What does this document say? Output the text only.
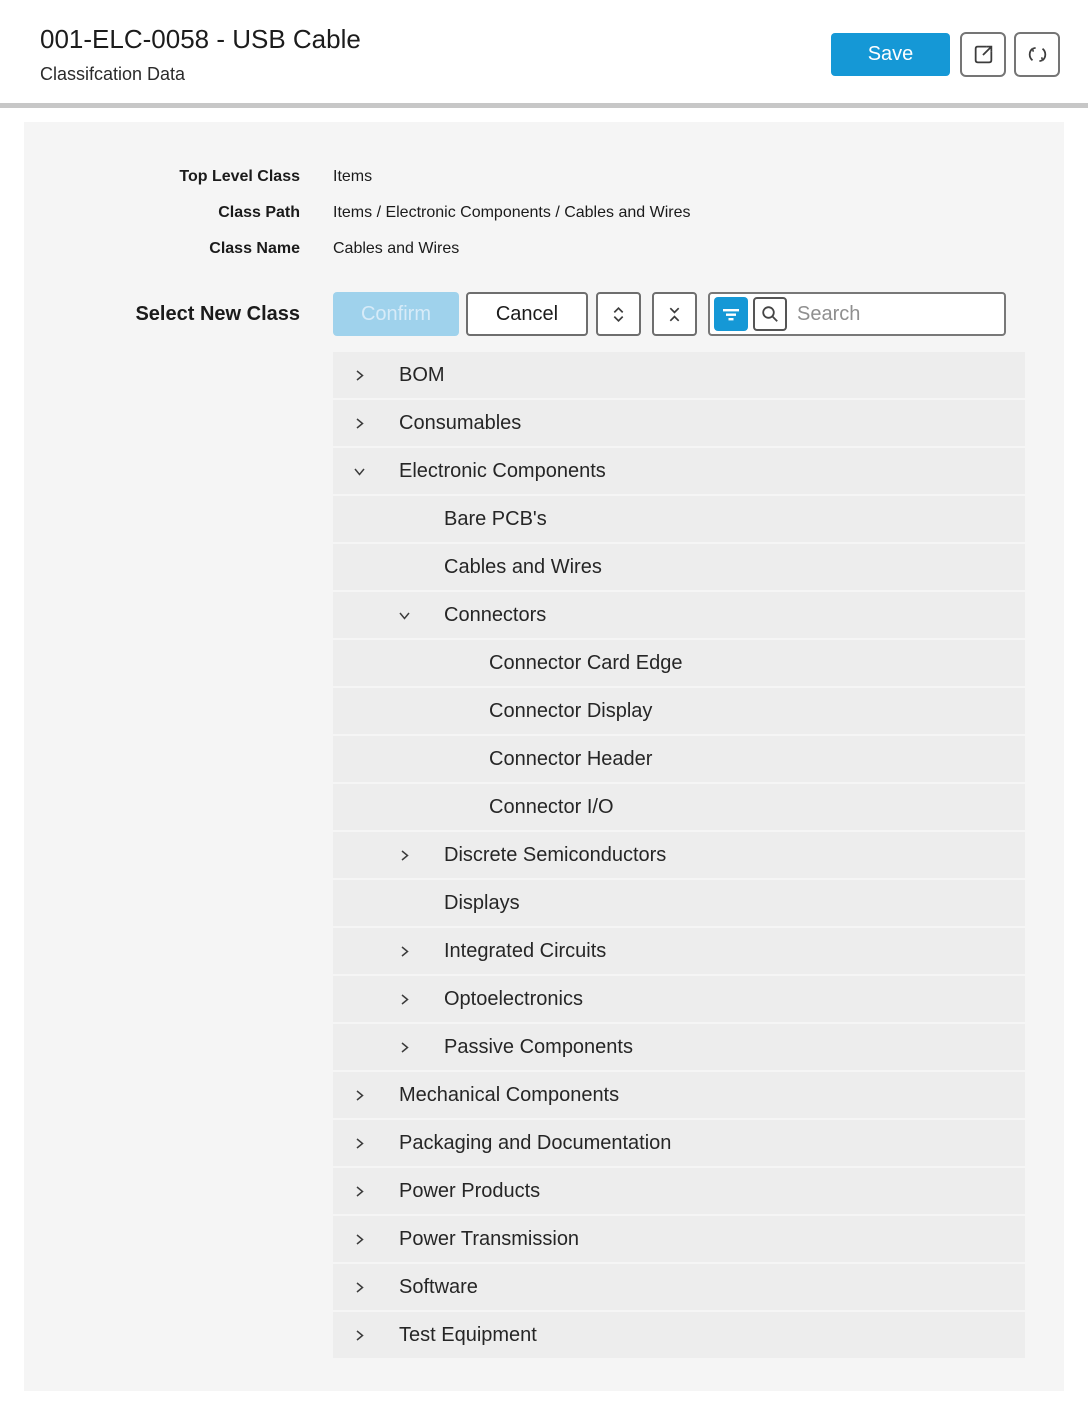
001-ELC-0058 - USB Cable
Classifcation Data
Save
Top Level Class Items
Class Path Items / Electronic Components / Cables and Wires
Class Name Cables and Wires
Select New Class	Confirm	Cancel
Search
BOM
Consumables
Electronic Components
Bare PCB's
Cables and Wires
Connectors
Connector Card Edge
Connector Display
Connector Header
Connector I/O
Discrete Semiconductors
Displays
Integrated Circuits
Optoelectronics
Passive Components
Mechanical Components
Packaging and Documentation
Power Products
Power Transmission
Software
Test Equipment
